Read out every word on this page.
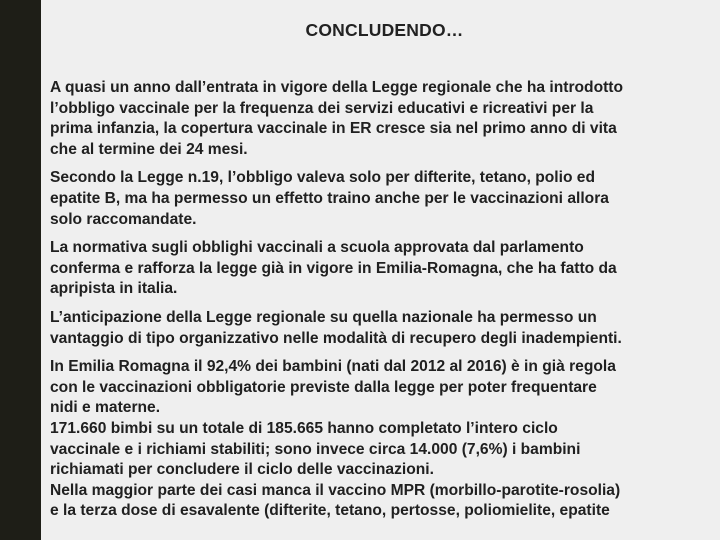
CONCLUDENDO…

A quasi un anno dall’entrata in vigore della Legge regionale che ha introdotto
l’obbligo vaccinale per la frequenza dei servizi educativi e ricreativi per la
prima infanzia, la copertura vaccinale in ER cresce sia nel primo anno di vita
che al termine dei 24 mesi.

Secondo la Legge n.19, l’obbligo valeva solo per difterite, tetano, polio ed
epatite B, ma ha permesso un effetto traino anche per le vaccinazioni allora
solo raccomandate.

La normativa sugli obblighi vaccinali a scuola approvata dal parlamento
conferma e rafforza la legge già in vigore in Emilia-Romagna, che ha fatto da
apripista in italia.

L’anticipazione della Legge regionale su quella nazionale ha permesso un
vantaggio di tipo organizzativo nelle modalità di recupero degli inadempienti.

In Emilia Romagna il 92,4% dei bambini (nati dal 2012 al 2016) è in già regola
con le vaccinazioni obbligatorie previste dalla legge per poter frequentare
nidi e materne.
171.660 bimbi su un totale di 185.665 hanno completato l’intero ciclo
vaccinale e i richiami stabiliti; sono invece circa 14.000 (7,6%) i bambini
richiamati per concludere il ciclo delle vaccinazioni.
Nella maggior parte dei casi manca il vaccino MPR (morbillo-parotite-rosolia)
e la terza dose di esavalente (difterite, tetano, pertosse, poliomielite, epatite
